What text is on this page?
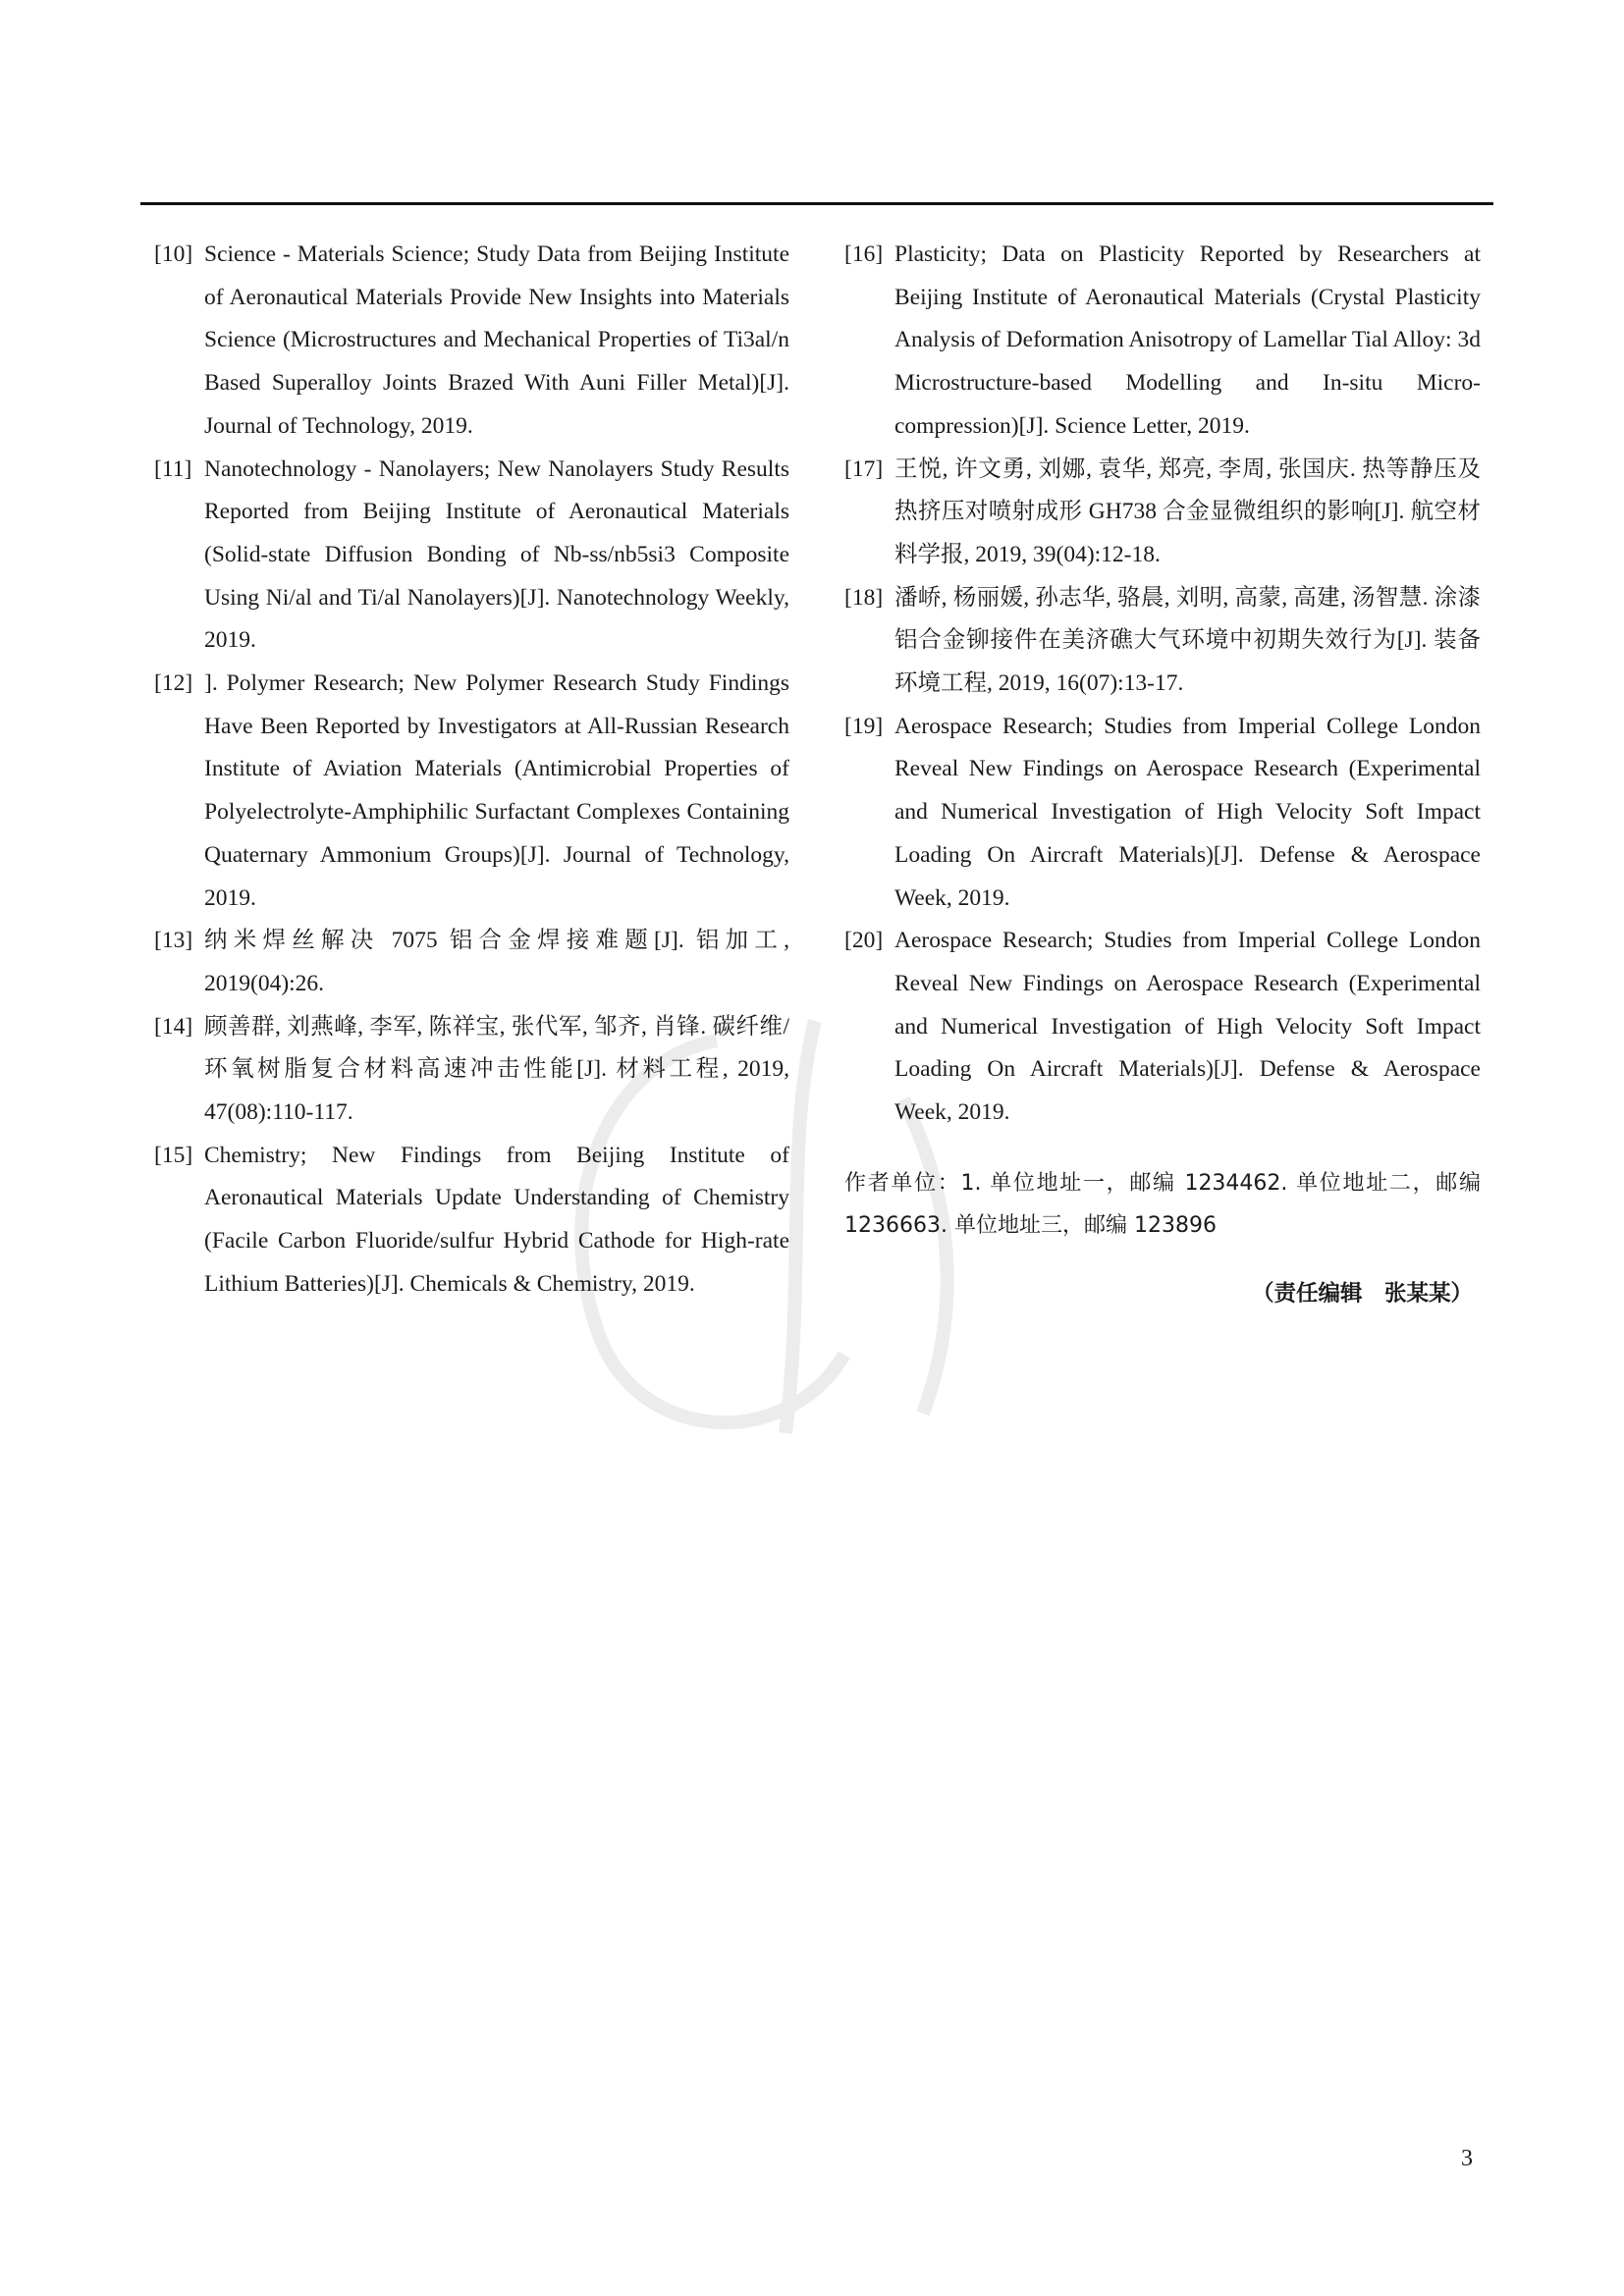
[10] Science - Materials Science; Study Data from Beijing Institute of Aeronautical Materials Provide New Insights into Materials Science (Microstructures and Mechanical Properties of Ti3al/n Based Superalloy Joints Brazed With Auni Filler Metal)[J]. Journal of Technology, 2019.

[11] Nanotechnology - Nanolayers; New Nanolayers Study Results Reported from Beijing Institute of Aeronautical Materials (Solid-state Diffusion Bonding of Nb-ss/nb5si3 Composite Using Ni/al and Ti/al Nanolayers)[J]. Nanotechnology Weekly, 2019.

[12] ]. Polymer Research; New Polymer Research Study Findings Have Been Reported by Investigators at All-Russian Research Institute of Aviation Materials (Antimicrobial Properties of Polyelectrolyte-Amphiphilic Surfactant Complexes Containing Quaternary Ammonium Groups)[J]. Journal of Technology, 2019.

[13] 纳米焊丝解决 7075 铝合金焊接难题[J]. 铝加工, 2019(04):26.

[14] 顾善群, 刘燕峰, 李军, 陈祥宝, 张代军, 邹齐, 肖锋. 碳纤维/环氧树脂复合材料高速冲击性能[J]. 材料工程, 2019, 47(08):110-117.

[15] Chemistry; New Findings from Beijing Institute of Aeronautical Materials Update Understanding of Chemistry (Facile Carbon Fluoride/sulfur Hybrid Cathode for High-rate Lithium Batteries)[J]. Chemicals & Chemistry, 2019.

[16] Plasticity; Data on Plasticity Reported by Researchers at Beijing Institute of Aeronautical Materials (Crystal Plasticity Analysis of Deformation Anisotropy of Lamellar Tial Alloy: 3d Microstructure-based Modelling and In-situ Micro-compression)[J]. Science Letter, 2019.

[17] 王悦, 许文勇, 刘娜, 袁华, 郑亮, 李周, 张国庆. 热等静压及热挤压对喷射成形 GH738 合金显微组织的影响[J]. 航空材料学报, 2019, 39(04):12-18.

[18] 潘峤, 杨丽媛, 孙志华, 骆晨, 刘明, 高蒙, 高建, 汤智慧. 涂漆铝合金铆接件在美济礁大气环境中初期失效行为[J]. 装备环境工程, 2019, 16(07):13-17.

[19] Aerospace Research; Studies from Imperial College London Reveal New Findings on Aerospace Research (Experimental and Numerical Investigation of High Velocity Soft Impact Loading On Aircraft Materials)[J]. Defense & Aerospace Week, 2019.

[20] Aerospace Research; Studies from Imperial College London Reveal New Findings on Aerospace Research (Experimental and Numerical Investigation of High Velocity Soft Impact Loading On Aircraft Materials)[J]. Defense & Aerospace Week, 2019.

作者单位：1. 单位地址一，邮编 1234462. 单位地址二，邮编 1236663. 单位地址三，邮编 123896
（责任编辑　张某某）
3
